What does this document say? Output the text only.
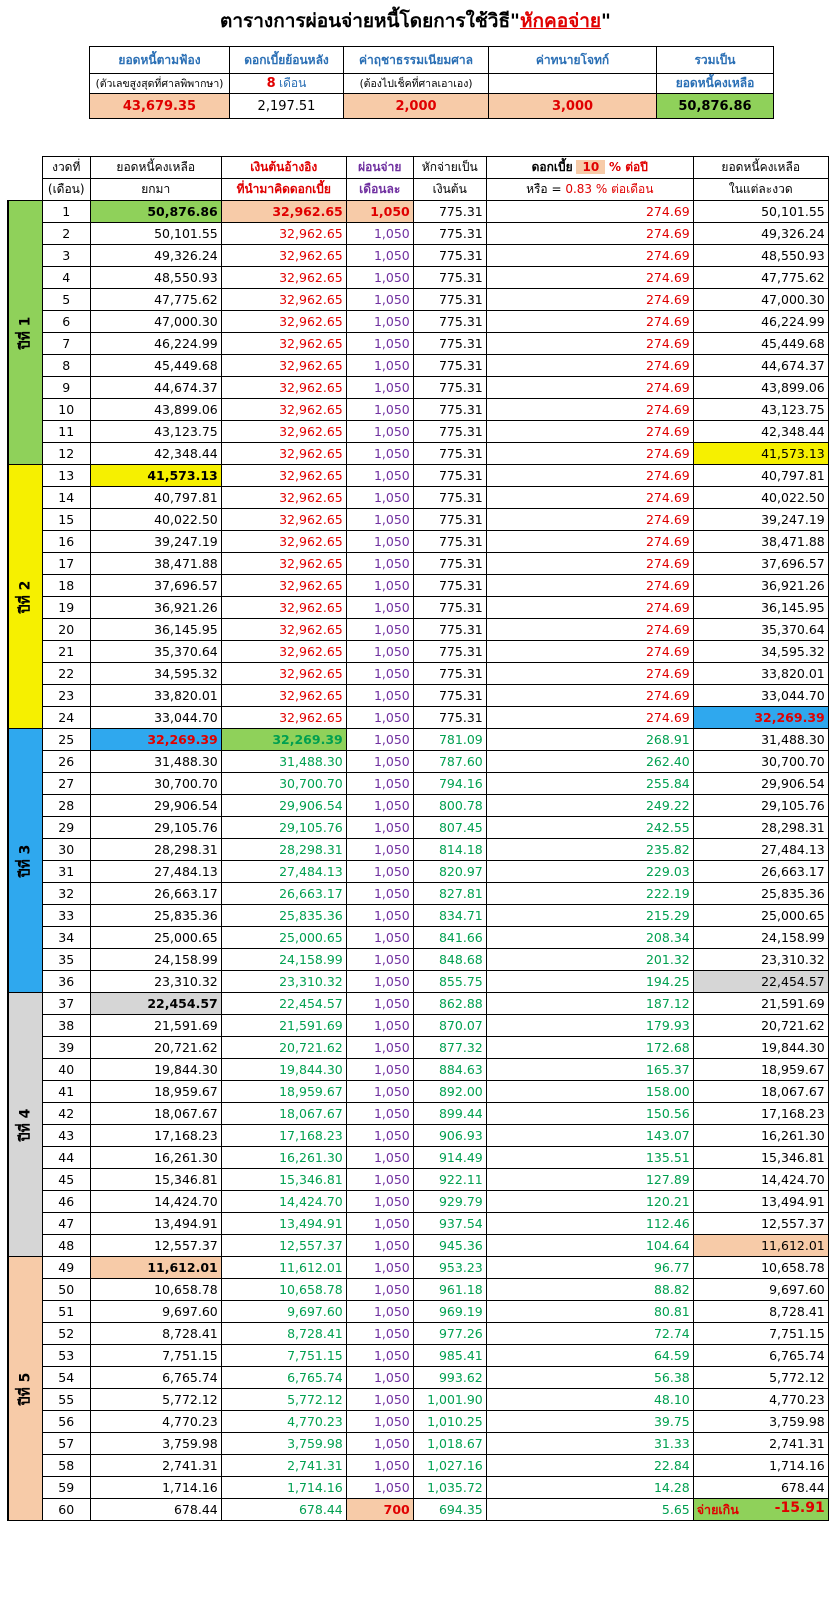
ตารางการผ่อนจ่ายหนี้โดยการใช้วิธี"หักคอจ่าย"
ยอดหนี้ตามฟ้อง	ดอกเบี้ยย้อนหลัง	ค่าฤชาธรรมเนียมศาล	ค่าทนายโจทก์	รวมเป็น
(ตัวเลขสูงสุดที่ศาลพิพากษา)	8 เดือน	(ต้องไปเช็คที่ศาลเอาเอง)		ยอดหนี้คงเหลือ
43,679.35	2,197.51	2,000	3,000	50,876.86
	งวดที่	ยอดหนี้คงเหลือ	เงินต้นอ้างอิง	ผ่อนจ่าย	หักจ่ายเป็น	ดอกเบี้ย 10 % ต่อปี	ยอดหนี้คงเหลือ
	(เดือน)	ยกมา	ที่นำมาคิดดอกเบี้ย	เดือนละ	เงินต้น	หรือ = 0.83 % ต่อเดือน	ในแต่ละงวด
ปีที่ 1	1	50,876.86	32,962.65	1,050	775.31	274.69	50,101.55
	2	50,101.55	32,962.65	1,050	775.31	274.69	49,326.24
	3	49,326.24	32,962.65	1,050	775.31	274.69	48,550.93
	4	48,550.93	32,962.65	1,050	775.31	274.69	47,775.62
	5	47,775.62	32,962.65	1,050	775.31	274.69	47,000.30
	6	47,000.30	32,962.65	1,050	775.31	274.69	46,224.99
	7	46,224.99	32,962.65	1,050	775.31	274.69	45,449.68
	8	45,449.68	32,962.65	1,050	775.31	274.69	44,674.37
	9	44,674.37	32,962.65	1,050	775.31	274.69	43,899.06
	10	43,899.06	32,962.65	1,050	775.31	274.69	43,123.75
	11	43,123.75	32,962.65	1,050	775.31	274.69	42,348.44
	12	42,348.44	32,962.65	1,050	775.31	274.69	41,573.13
ปีที่ 2	13	41,573.13	32,962.65	1,050	775.31	274.69	40,797.81
	14	40,797.81	32,962.65	1,050	775.31	274.69	40,022.50
	15	40,022.50	32,962.65	1,050	775.31	274.69	39,247.19
	16	39,247.19	32,962.65	1,050	775.31	274.69	38,471.88
	17	38,471.88	32,962.65	1,050	775.31	274.69	37,696.57
	18	37,696.57	32,962.65	1,050	775.31	274.69	36,921.26
	19	36,921.26	32,962.65	1,050	775.31	274.69	36,145.95
	20	36,145.95	32,962.65	1,050	775.31	274.69	35,370.64
	21	35,370.64	32,962.65	1,050	775.31	274.69	34,595.32
	22	34,595.32	32,962.65	1,050	775.31	274.69	33,820.01
	23	33,820.01	32,962.65	1,050	775.31	274.69	33,044.70
	24	33,044.70	32,962.65	1,050	775.31	274.69	32,269.39
ปีที่ 3	25	32,269.39	32,269.39	1,050	781.09	268.91	31,488.30
	26	31,488.30	31,488.30	1,050	787.60	262.40	30,700.70
	27	30,700.70	30,700.70	1,050	794.16	255.84	29,906.54
	28	29,906.54	29,906.54	1,050	800.78	249.22	29,105.76
	29	29,105.76	29,105.76	1,050	807.45	242.55	28,298.31
	30	28,298.31	28,298.31	1,050	814.18	235.82	27,484.13
	31	27,484.13	27,484.13	1,050	820.97	229.03	26,663.17
	32	26,663.17	26,663.17	1,050	827.81	222.19	25,835.36
	33	25,835.36	25,835.36	1,050	834.71	215.29	25,000.65
	34	25,000.65	25,000.65	1,050	841.66	208.34	24,158.99
	35	24,158.99	24,158.99	1,050	848.68	201.32	23,310.32
	36	23,310.32	23,310.32	1,050	855.75	194.25	22,454.57
ปีที่ 4	37	22,454.57	22,454.57	1,050	862.88	187.12	21,591.69
	38	21,591.69	21,591.69	1,050	870.07	179.93	20,721.62
	39	20,721.62	20,721.62	1,050	877.32	172.68	19,844.30
	40	19,844.30	19,844.30	1,050	884.63	165.37	18,959.67
	41	18,959.67	18,959.67	1,050	892.00	158.00	18,067.67
	42	18,067.67	18,067.67	1,050	899.44	150.56	17,168.23
	43	17,168.23	17,168.23	1,050	906.93	143.07	16,261.30
	44	16,261.30	16,261.30	1,050	914.49	135.51	15,346.81
	45	15,346.81	15,346.81	1,050	922.11	127.89	14,424.70
	46	14,424.70	14,424.70	1,050	929.79	120.21	13,494.91
	47	13,494.91	13,494.91	1,050	937.54	112.46	12,557.37
	48	12,557.37	12,557.37	1,050	945.36	104.64	11,612.01
ปีที่ 5	49	11,612.01	11,612.01	1,050	953.23	96.77	10,658.78
	50	10,658.78	10,658.78	1,050	961.18	88.82	9,697.60
	51	9,697.60	9,697.60	1,050	969.19	80.81	8,728.41
	52	8,728.41	8,728.41	1,050	977.26	72.74	7,751.15
	53	7,751.15	7,751.15	1,050	985.41	64.59	6,765.74
	54	6,765.74	6,765.74	1,050	993.62	56.38	5,772.12
	55	5,772.12	5,772.12	1,050	1,001.90	48.10	4,770.23
	56	4,770.23	4,770.23	1,050	1,010.25	39.75	3,759.98
	57	3,759.98	3,759.98	1,050	1,018.67	31.33	2,741.31
	58	2,741.31	2,741.31	1,050	1,027.16	22.84	1,714.16
	59	1,714.16	1,714.16	1,050	1,035.72	14.28	678.44
	60	678.44	678.44	700	694.35	5.65	จ่ายเกิน -15.91
